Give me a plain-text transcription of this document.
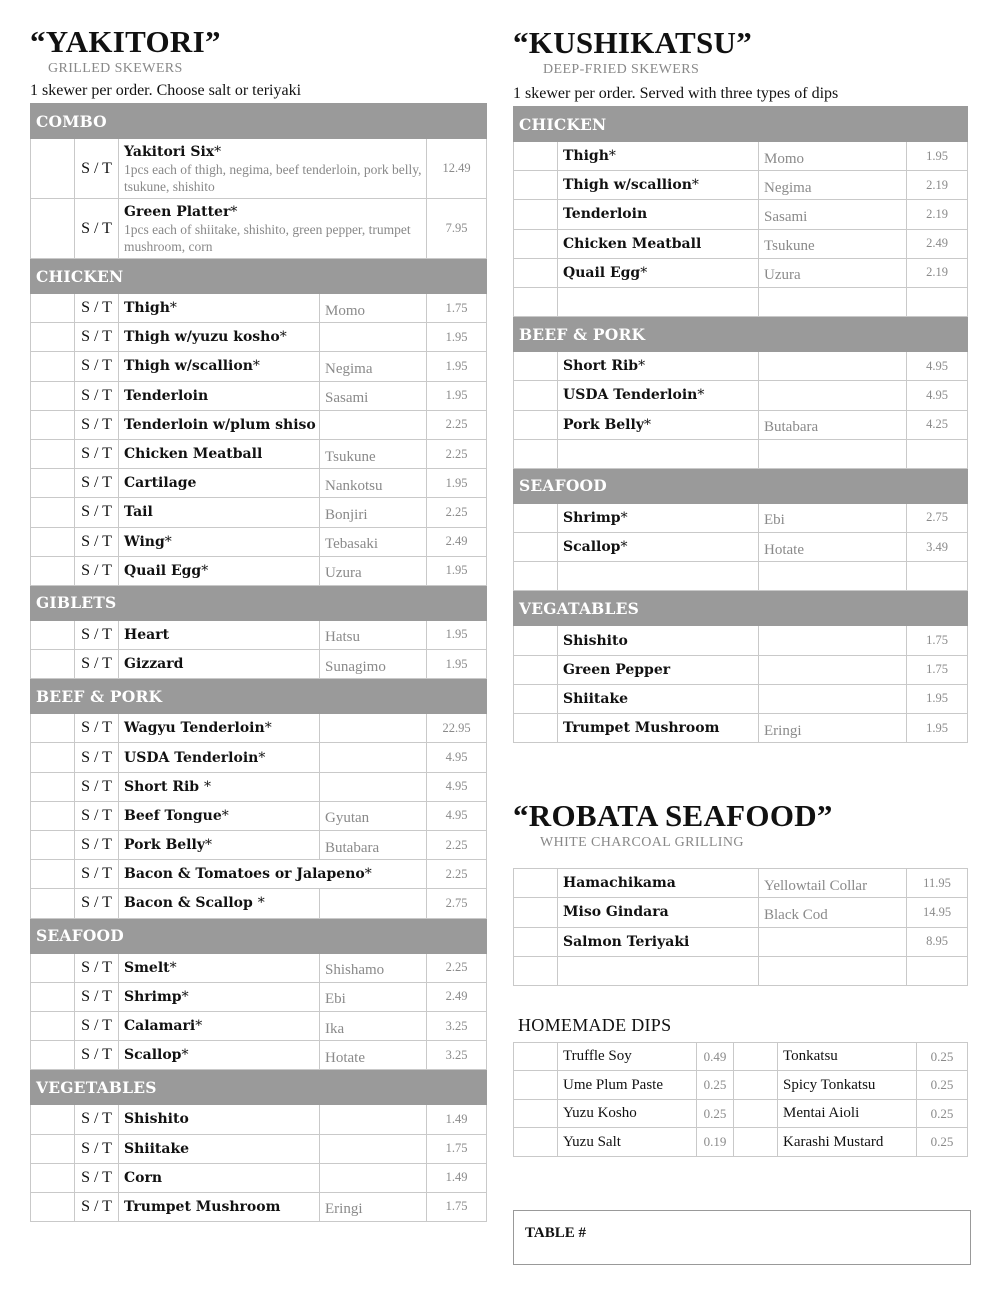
“YAKITORI”
GRILLED SKEWERS
1 skewer per order. Choose salt or teriyaki
COMBO				
	S / T	Yakitori Six*
1pcs each of thigh, negima, beef tenderloin, pork belly, tsukune, shishito		12.49
	S / T	Green Platter*
1pcs each of shiitake, shishito, green pepper, trumpet mushroom, corn		7.95
CHICKEN				
	S / T	Thigh*	Momo	1.75
	S / T	Thigh w/yuzu kosho*		1.95
	S / T	Thigh w/scallion*	Negima	1.95
	S / T	Tenderloin	Sasami	1.95
	S / T	Tenderloin w/plum shiso		2.25
	S / T	Chicken Meatball	Tsukune	2.25
	S / T	Cartilage	Nankotsu	1.95
	S / T	Tail	Bonjiri	2.25
	S / T	Wing*	Tebasaki	2.49
	S / T	Quail Egg*	Uzura	1.95
GIBLETS				
	S / T	Heart	Hatsu	1.95
	S / T	Gizzard	Sunagimo	1.95
BEEF & PORK				
	S / T	Wagyu Tenderloin*		22.95
	S / T	USDA Tenderloin*		4.95
	S / T	Short Rib *		4.95
	S / T	Beef Tongue*	Gyutan	4.95
	S / T	Pork Belly*	Butabara	2.25
	S / T	Bacon & Tomatoes or Jalapeno*		2.25
	S / T	Bacon & Scallop *		2.75
SEAFOOD				
	S / T	Smelt*	Shishamo	2.25
	S / T	Shrimp*	Ebi	2.49
	S / T	Calamari*	Ika	3.25
	S / T	Scallop*	Hotate	3.25
VEGETABLES				
	S / T	Shishito		1.49
	S / T	Shiitake		1.75
	S / T	Corn		1.49
	S / T	Trumpet Mushroom	Eringi	1.75
“KUSHIKATSU”
DEEP-FRIED SKEWERS
1 skewer per order. Served with three types of dips
CHICKEN			
	Thigh*	Momo	1.95
	Thigh w/scallion*	Negima	2.19
	Tenderloin	Sasami	2.19
	Chicken Meatball	Tsukune	2.49
	Quail Egg*	Uzura	2.19

BEEF & PORK			
	Short Rib*		4.95
	USDA Tenderloin*		4.95
	Pork Belly*	Butabara	4.25

SEAFOOD			
	Shrimp*	Ebi	2.75
	Scallop*	Hotate	3.49

VEGATABLES			
	Shishito		1.75
	Green Pepper		1.75
	Shiitake		1.95
	Trumpet Mushroom	Eringi	1.95
“ROBATA SEAFOOD”
WHITE CHARCOAL GRILLING
	Hamachikama	Yellowtail Collar	11.95
	Miso Gindara	Black Cod	14.95
	Salmon Teriyaki		8.95

HOMEMADE DIPS
	Truffle Soy	0.49		Tonkatsu	0.25
	Ume Plum Paste	0.25		Spicy Tonkatsu	0.25
	Yuzu Kosho	0.25		Mentai Aioli	0.25
	Yuzu Salt	0.19		Karashi Mustard	0.25
TABLE #
